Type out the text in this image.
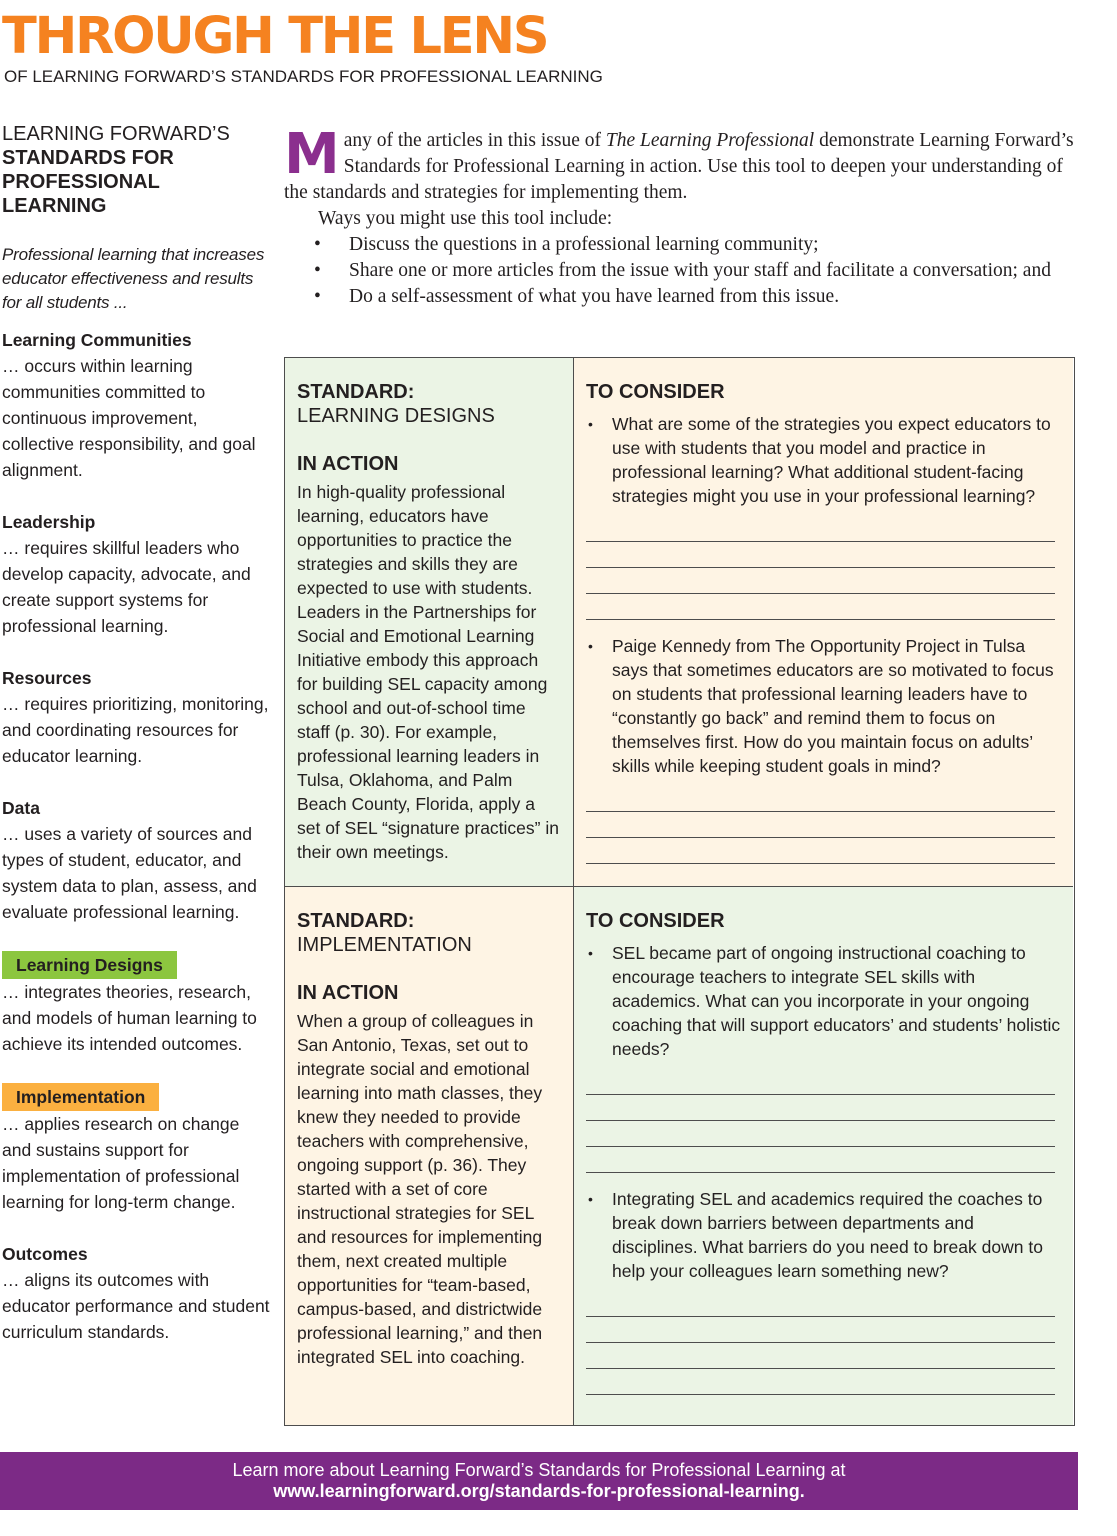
THROUGH THE LENS
OF LEARNING FORWARD’S STANDARDS FOR PROFESSIONAL LEARNING
LEARNING FORWARD’S
STANDARDS FOR
PROFESSIONAL
LEARNING
Professional learning that increases educator effectiveness and results for all students ...
Learning Communities
… occurs within learning communities committed to continuous improvement, collective responsibility, and goal alignment.
Leadership
… requires skillful leaders who develop capacity, advocate, and create support systems for professional learning.
Resources
… requires prioritizing, monitoring, and coordinating resources for educator learning.
Data
… uses a variety of sources and types of student, educator, and system data to plan, assess, and evaluate professional learning.
Learning Designs
… integrates theories, research, and models of human learning to achieve its intended outcomes.
Implementation
… applies research on change and sustains support for implementation of professional learning for long-term change.
Outcomes
… aligns its outcomes with educator performance and student curriculum standards.

Many of the articles in this issue of The Learning Professional demonstrate Learning Forward’s Standards for Professional Learning in action. Use this tool to deepen your understanding of the standards and strategies for implementing them.

Ways you might use this tool include:

• Discuss the questions in a professional learning community;
• Share one or more articles from the issue with your staff and facilitate a conversation; and
• Do a self-assessment of what you have learned from this issue.
STANDARD:
LEARNING DESIGNS
IN ACTION
In high-quality professional learning, educators have opportunities to practice the strategies and skills they are expected to use with students. Leaders in the Partnerships for Social and Emotional Learning Initiative embody this approach for building SEL capacity among school and out-of-school time staff (p. 30). For example, professional learning leaders in Tulsa, Oklahoma, and Palm Beach County, Florida, apply a set of SEL “signature practices” in their own meetings.
TO CONSIDER
• What are some of the strategies you expect educators to use with students that you model and practice in professional learning? What additional student-facing strategies might you use in your professional learning?
• Paige Kennedy from The Opportunity Project in Tulsa says that sometimes educators are so motivated to focus on students that professional learning leaders have to “constantly go back” and remind them to focus on themselves first. How do you maintain focus on adults’ skills while keeping student goals in mind?
STANDARD:
IMPLEMENTATION
IN ACTION
When a group of colleagues in San Antonio, Texas, set out to integrate social and emotional learning into math classes, they knew they needed to provide teachers with comprehensive, ongoing support (p. 36). They started with a set of core instructional strategies for SEL and resources for implementing them, next created multiple opportunities for “team-based, campus-based, and districtwide professional learning,” and then integrated SEL into coaching.
TO CONSIDER
• SEL became part of ongoing instructional coaching to encourage teachers to integrate SEL skills with academics. What can you incorporate in your ongoing coaching that will support educators’ and students’ holistic needs?
• Integrating SEL and academics required the coaches to break down barriers between departments and disciplines. What barriers do you need to break down to help your colleagues learn something new?
Learn more about Learning Forward’s Standards for Professional Learning at
www.learningforward.org/standards-for-professional-learning.
